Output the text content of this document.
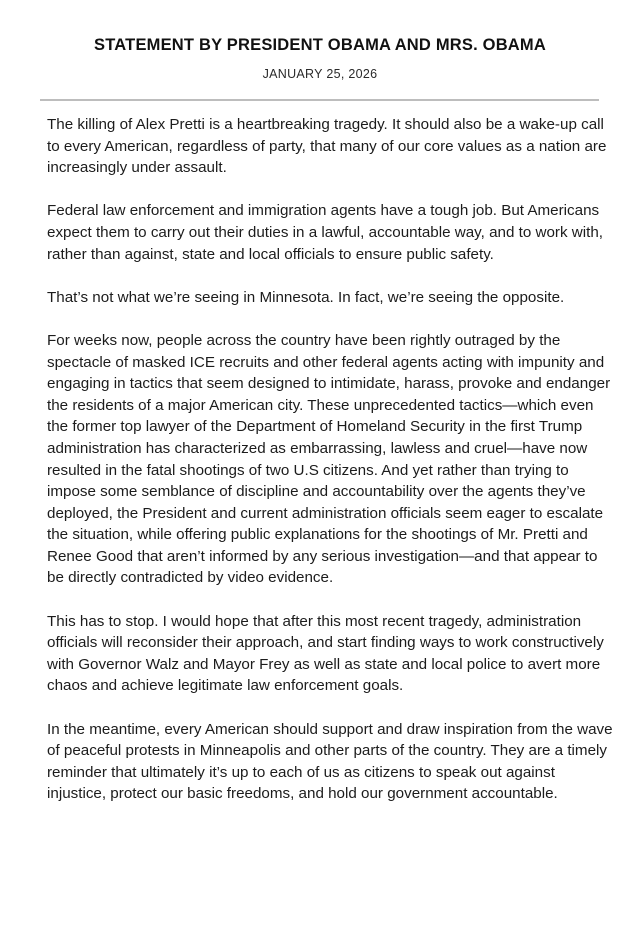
STATEMENT BY PRESIDENT OBAMA AND MRS. OBAMA
JANUARY 25, 2026

The killing of Alex Pretti is a heartbreaking tragedy. It should also be a wake-up call to every American, regardless of party, that many of our core values as a nation are increasingly under assault.

Federal law enforcement and immigration agents have a tough job. But Americans expect them to carry out their duties in a lawful, accountable way, and to work with, rather than against, state and local officials to ensure public safety.

That’s not what we’re seeing in Minnesota. In fact, we’re seeing the opposite.

For weeks now, people across the country have been rightly outraged by the spectacle of masked ICE recruits and other federal agents acting with impunity and engaging in tactics that seem designed to intimidate, harass, provoke and endanger the residents of a major American city. These unprecedented tactics—which even the former top lawyer of the Department of Homeland Security in the first Trump administration has characterized as embarrassing, lawless and cruel—have now resulted in the fatal shootings of two U.S citizens. And yet rather than trying to impose some semblance of discipline and accountability over the agents they’ve deployed, the President and current administration officials seem eager to escalate the situation, while offering public explanations for the shootings of Mr. Pretti and Renee Good that aren’t informed by any serious investigation—and that appear to be directly contradicted by video evidence.

This has to stop. I would hope that after this most recent tragedy, administration officials will reconsider their approach, and start finding ways to work constructively with Governor Walz and Mayor Frey as well as state and local police to avert more chaos and achieve legitimate law enforcement goals.

In the meantime, every American should support and draw inspiration from the wave of peaceful protests in Minneapolis and other parts of the country. They are a timely reminder that ultimately it’s up to each of us as citizens to speak out against injustice, protect our basic freedoms, and hold our government accountable.
